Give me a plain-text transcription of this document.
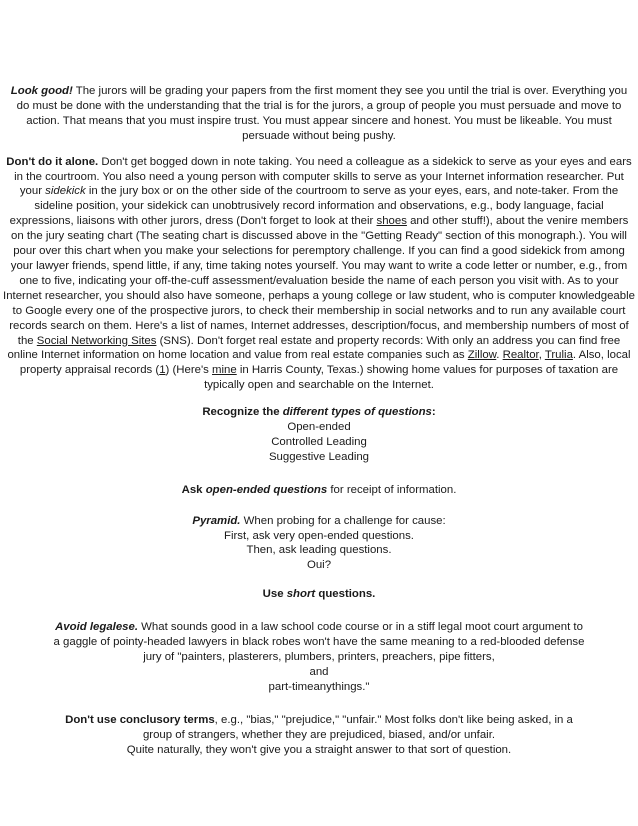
Look good! The jurors will be grading your papers from the first moment they see you until the trial is over. Everything you do must be done with the understanding that the trial is for the jurors, a group of people you must persuade and move to action. That means that you must inspire trust. You must appear sincere and honest. You must be likeable. You must persuade without being pushy.

Don't do it alone. Don't get bogged down in note taking. You need a colleague as a sidekick to serve as your eyes and ears in the courtroom. You also need a young person with computer skills to serve as your Internet information researcher. Put your sidekick in the jury box or on the other side of the courtroom to serve as your eyes, ears, and note-taker. From the sideline position, your sidekick can unobtrusively record information and observations, e.g., body language, facial expressions, liaisons with other jurors, dress (Don't forget to look at their shoes and other stuff!), about the venire members on the jury seating chart (The seating chart is discussed above in the "Getting Ready" section of this monograph.). You will pour over this chart when you make your selections for peremptory challenge. If you can find a good sidekick from among your lawyer friends, spend little, if any, time taking notes yourself. You may want to write a code letter or number, e.g., from one to five, indicating your off-the-cuff assessment/evaluation beside the name of each person you visit with. As to your Internet researcher, you should also have someone, perhaps a young college or law student, who is computer knowledgeable to Google every one of the prospective jurors, to check their membership in social networks and to run any available court records search on them. Here's a list of names, Internet addresses, description/focus, and membership numbers of most of the Social Networking Sites (SNS). Don't forget real estate and property records: With only an address you can find free online Internet information on home location and value from real estate companies such as Zillow. Realtor, Trulia. Also, local property appraisal records (1) (Here's mine in Harris County, Texas.) showing home values for purposes of taxation are typically open and searchable on the Internet.

Recognize the different types of questions:
Open-ended
Controlled Leading
Suggestive Leading
Ask open-ended questions for receipt of information.
Pyramid. When probing for a challenge for cause:
First, ask very open-ended questions.
Then, ask leading questions.
Oui?
Use short questions.
Avoid legalese. What sounds good in a law school code course or in a stiff legal moot court argument to a gaggle of pointy-headed lawyers in black robes won't have the same meaning to a red-blooded defense jury of "painters, plasterers, plumbers, printers, preachers, pipe fitters,
and
part-timeanythings."
Don't use conclusory terms, e.g., "bias," "prejudice," "unfair." Most folks don't like being asked, in a group of strangers, whether they are prejudiced, biased, and/or unfair.
Quite naturally, they won't give you a straight answer to that sort of question.
